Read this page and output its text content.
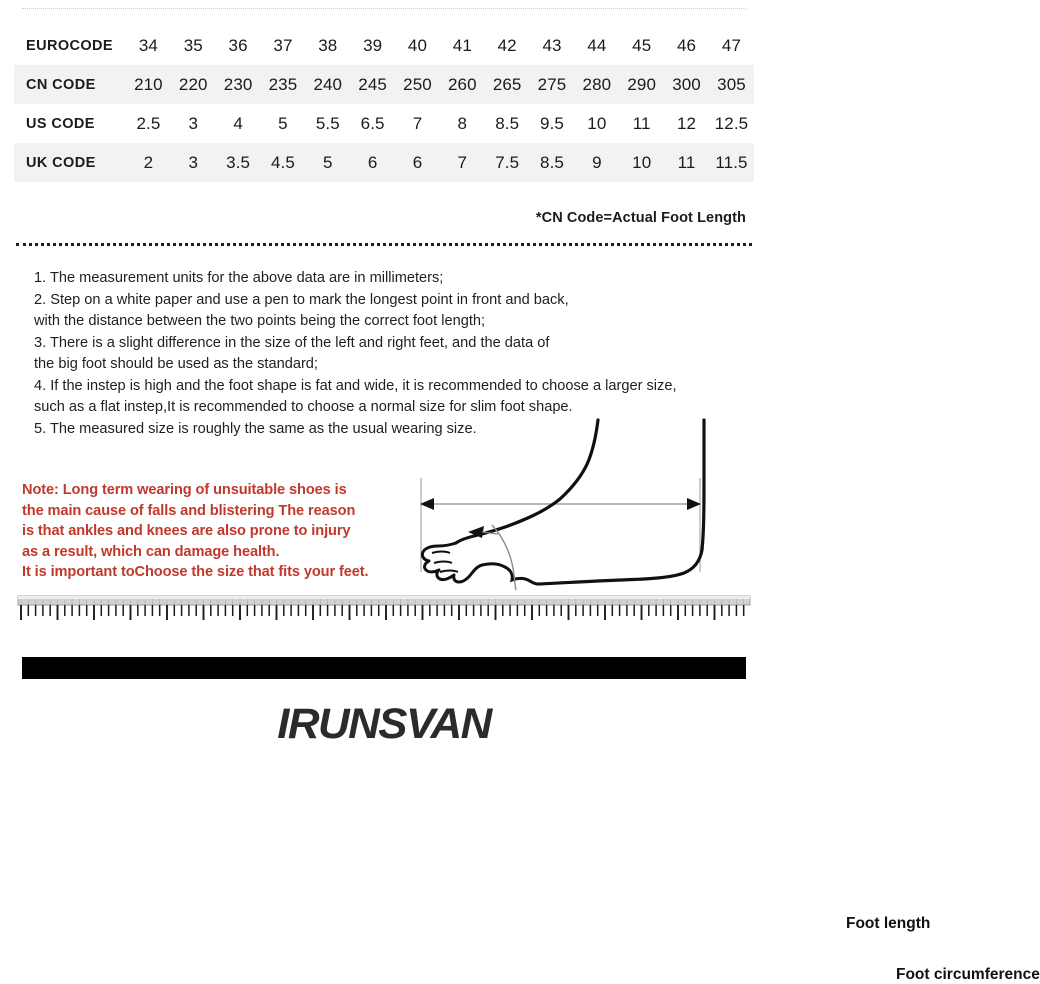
EUROCODE	34	35	36	37	38	39	40	41	42	43	44	45	46	47
CN CODE	210	220	230	235	240	245	250	260	265	275	280	290	300	305
US CODE	2.5	3	4	5	5.5	6.5	7	8	8.5	9.5	10	11	12	12.5
UK CODE	2	3	3.5	4.5	5	6	6	7	7.5	8.5	9	10	11	11.5
*CN Code=Actual Foot Length

1. The measurement units for the above data are in millimeters;

2. Step on a white paper and use a pen to mark the longest point in front and back,

with the distance between the two points being the correct foot length;

3. There is a slight difference in the size of the left and right feet, and the data of

the big foot should be used as the standard;

4. If the instep is high and the foot shape is fat and wide, it is recommended to choose a larger size,

such as a flat instep,It is recommended to choose a normal size for slim foot shape.

5. The measured size is roughly the same as the usual wearing size.

Note: Long term wearing of unsuitable shoes is

the main cause of falls and blistering The reason

is that ankles and knees are also prone to injury

as a result, which can damage health.

It is important toChoose the size that fits your feet.

Foot length
Foot circumference
IRUNSVAN
